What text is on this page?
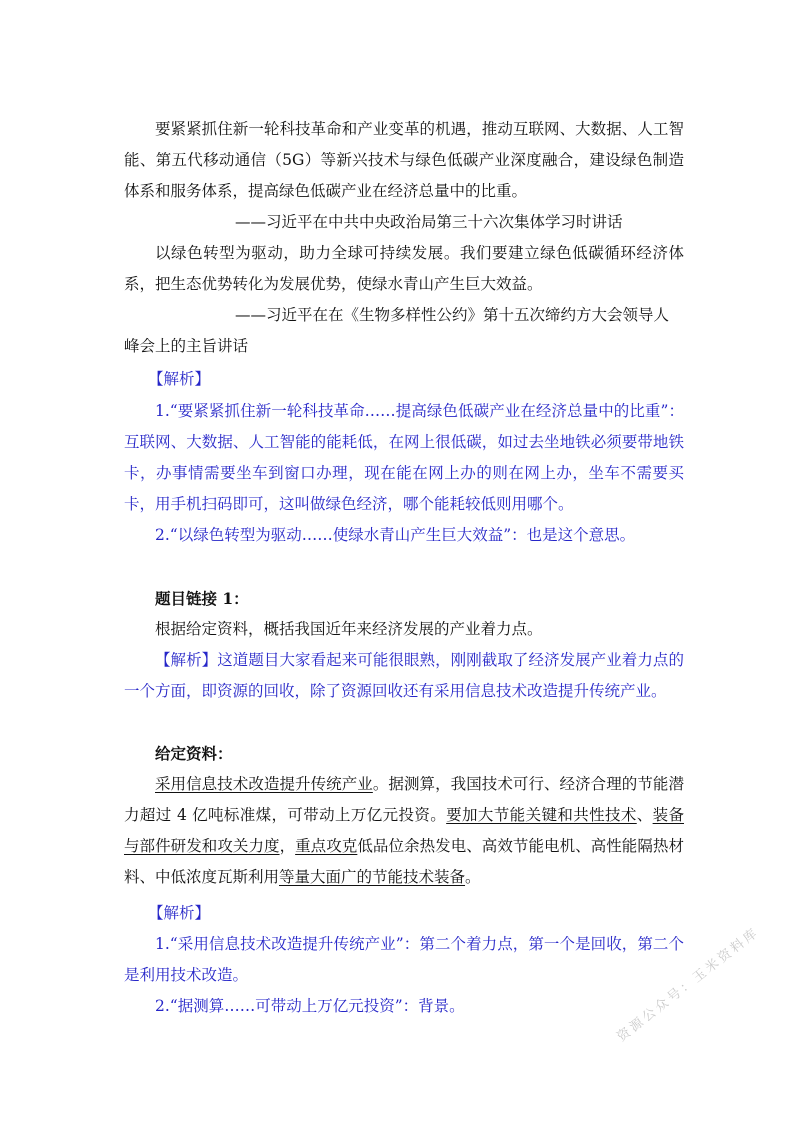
要紧紧抓住新一轮科技革命和产业变革的机遇，推动互联网、大数据、人工智能、第五代移动通信（5G）等新兴技术与绿色低碳产业深度融合，建设绿色制造体系和服务体系，提高绿色低碳产业在经济总量中的比重。

——习近平在中共中央政治局第三十六次集体学习时讲话

以绿色转型为驱动，助力全球可持续发展。我们要建立绿色低碳循环经济体系，把生态优势转化为发展优势，使绿水青山产生巨大效益。

——习近平在在《生物多样性公约》第十五次缔约方大会领导人
峰会上的主旨讲话
【解析】

1.“要紧紧抓住新一轮科技革命……提高绿色低碳产业在经济总量中的比重”：互联网、大数据、人工智能的能耗低，在网上很低碳，如过去坐地铁必须要带地铁卡，办事情需要坐车到窗口办理，现在能在网上办的则在网上办，坐车不需要买卡，用手机扫码即可，这叫做绿色经济，哪个能耗较低则用哪个。

2.“以绿色转型为驱动……使绿水青山产生巨大效益”：也是这个意思。

题目链接 1：

根据给定资料，概括我国近年来经济发展的产业着力点。

【解析】这道题目大家看起来可能很眼熟，刚刚截取了经济发展产业着力点的一个方面，即资源的回收，除了资源回收还有采用信息技术改造提升传统产业。

给定资料：

采用信息技术改造提升传统产业。据测算，我国技术可行、经济合理的节能潜力超过 4 亿吨标准煤，可带动上万亿元投资。要加大节能关键和共性技术、装备与部件研发和攻关力度，重点攻克低品位余热发电、高效节能电机、高性能隔热材料、中低浓度瓦斯利用等量大面广的节能技术装备。

【解析】

1.“采用信息技术改造提升传统产业”：第二个着力点，第一个是回收，第二个是利用技术改造。

2.“据测算……可带动上万亿元投资”：背景。	资源公众号：玉米资料库
